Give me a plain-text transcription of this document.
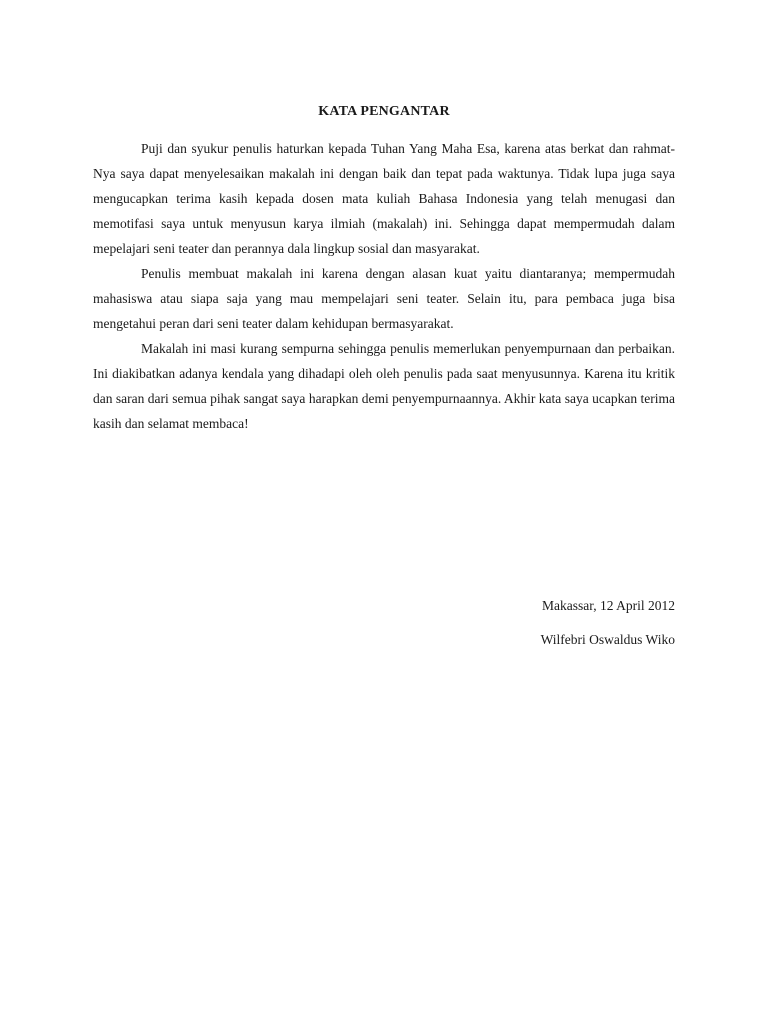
KATA PENGANTAR

Puji dan syukur penulis haturkan kepada Tuhan Yang Maha Esa, karena atas berkat dan rahmat-Nya saya dapat menyelesaikan makalah ini dengan baik dan tepat pada waktunya. Tidak lupa juga saya mengucapkan terima kasih kepada dosen mata kuliah Bahasa Indonesia yang telah menugasi dan memotifasi saya untuk menyusun karya ilmiah (makalah) ini. Sehingga dapat mempermudah dalam mepelajari seni teater dan perannya dala lingkup sosial dan masyarakat.

Penulis membuat makalah ini karena dengan alasan kuat yaitu diantaranya; mempermudah mahasiswa atau siapa saja yang mau mempelajari seni teater. Selain itu, para pembaca juga bisa mengetahui peran dari seni teater dalam kehidupan bermasyarakat.

Makalah ini masi kurang sempurna sehingga penulis memerlukan penyempurnaan dan perbaikan. Ini diakibatkan adanya kendala yang dihadapi oleh oleh penulis pada saat menyusunnya. Karena itu kritik dan saran dari semua pihak sangat saya harapkan demi penyempurnaannya. Akhir kata saya ucapkan terima kasih dan selamat membaca!

Makassar, 12 April 2012

Wilfebri Oswaldus Wiko
